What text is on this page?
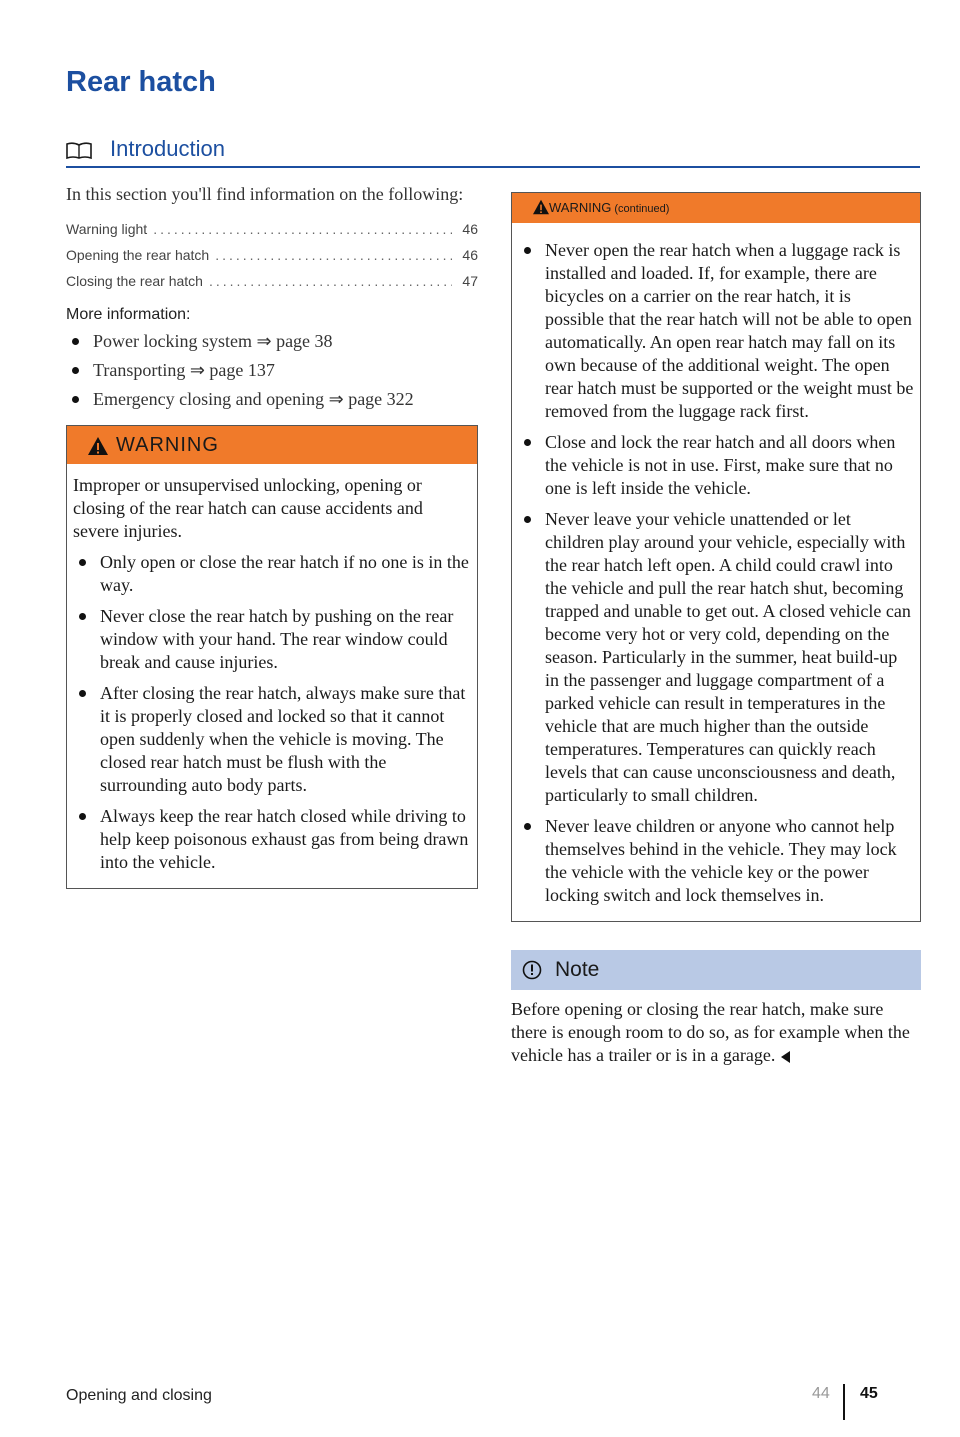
Rear hatch
Introduction

In this section you'll find information on the following:

Warning light .....	46
Opening the rear hatch .....	46
Closing the rear hatch .....	47
More information:

Power locking system ⇒ page 38

Transporting ⇒ page 137

Emergency closing and opening ⇒ page 322

WARNING

Improper or unsupervised unlocking, opening or closing of the rear hatch can cause accidents and severe injuries.

Only open or close the rear hatch if no one is in the way.

Never close the rear hatch by pushing on the rear window with your hand. The rear window could break and cause injuries.

After closing the rear hatch, always make sure that it is properly closed and locked so that it cannot open suddenly when the vehicle is moving. The closed rear hatch must be flush with the surrounding auto body parts.

Always keep the rear hatch closed while driving to help keep poisonous exhaust gas from being drawn into the vehicle.

WARNING (continued)

Never open the rear hatch when a luggage rack is installed and loaded. If, for example, there are bicycles on a carrier on the rear hatch, it is possible that the rear hatch will not be able to open automatically. An open rear hatch may fall on its own because of the additional weight. The open rear hatch must be supported or the weight must be removed from the luggage rack first.

Close and lock the rear hatch and all doors when the vehicle is not in use. First, make sure that no one is left inside the vehicle.

Never leave your vehicle unattended or let children play around your vehicle, especially with the rear hatch left open. A child could crawl into the vehicle and pull the rear hatch shut, becoming trapped and unable to get out. A closed vehicle can become very hot or very cold, depending on the season. Particularly in the summer, heat build-up in the passenger and luggage compartment of a parked vehicle can result in temperatures in the vehicle that are much higher than the outside temperatures. Temperatures can quickly reach levels that can cause unconsciousness and death, particularly to small children.

Never leave children or anyone who cannot help themselves behind in the vehicle. They may lock the vehicle with the vehicle key or the power locking switch and lock themselves in.

Note

Before opening or closing the rear hatch, make sure there is enough room to do so, as for example when the vehicle has a trailer or is in a garage.

Opening and closing	44 45
